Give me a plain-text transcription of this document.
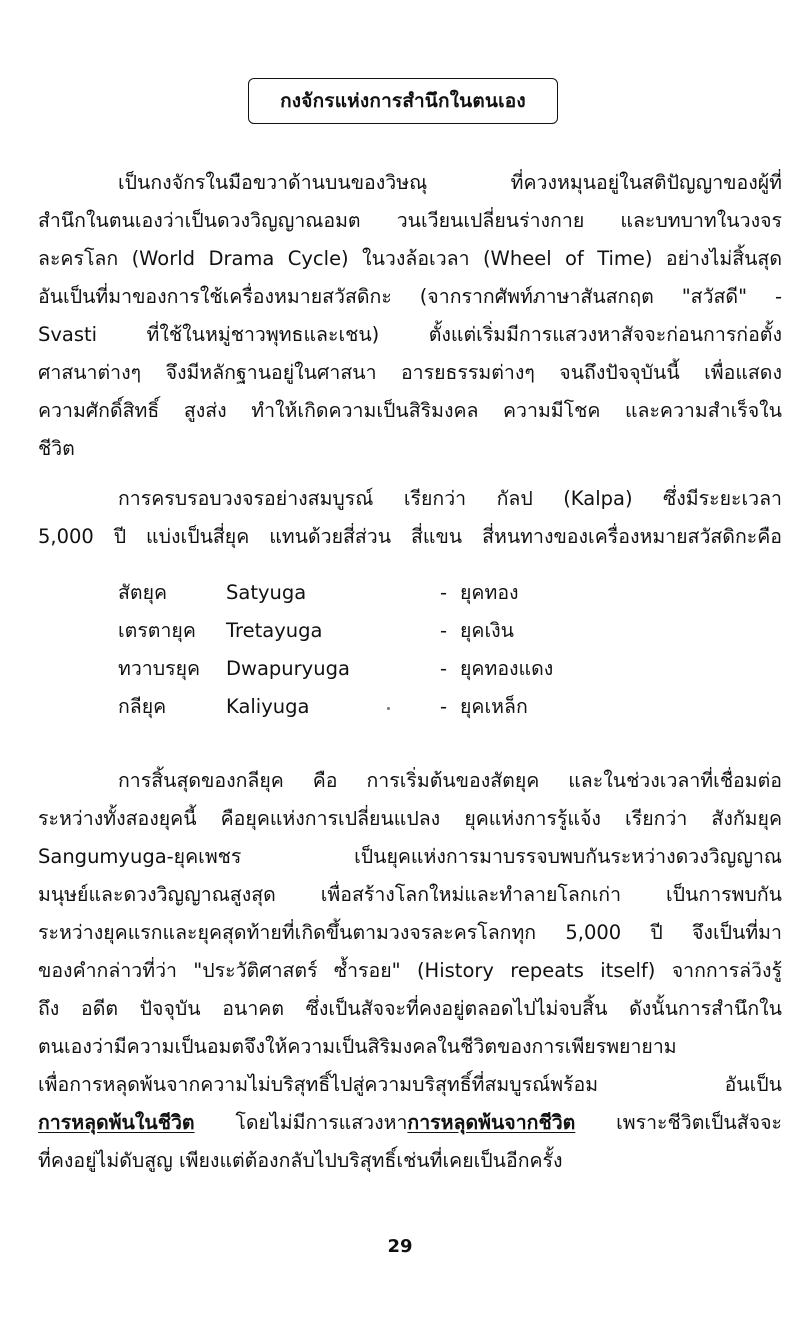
กงจักรแห่งการสำนึกในตนเอง
เป็นกงจักรในมือขวาด้านบนของวิษณุ ที่ควงหมุนอยู่ในสติปัญญาของผู้ที่
สำนึกในตนเองว่าเป็นดวงวิญญาณอมต วนเวียนเปลี่ยนร่างกาย และบทบาทในวงจร
ละครโลก (World Drama Cycle) ในวงล้อเวลา (Wheel of Time) อย่างไม่สิ้นสุด
อันเป็นที่มาของการใช้เครื่องหมายสวัสดิกะ (จากรากศัพท์ภาษาสันสกฤต "สวัสดี" -
Svasti ที่ใช้ในหมู่ชาวพุทธและเชน) ตั้งแต่เริ่มมีการแสวงหาสัจจะก่อนการก่อตั้ง
ศาสนาต่างๆ จึงมีหลักฐานอยู่ในศาสนา อารยธรรมต่างๆ จนถึงปัจจุบันนี้ เพื่อแสดง
ความศักดิ์สิทธิ์ สูงส่ง ทำให้เกิดความเป็นสิริมงคล ความมีโชค และความสำเร็จใน
ชีวิต
การครบรอบวงจรอย่างสมบูรณ์ เรียกว่า กัลป (Kalpa) ซึ่งมีระยะเวลา
5,000 ปี แบ่งเป็นสี่ยุค แทนด้วยสี่ส่วน สี่แขน สี่หนทางของเครื่องหมายสวัสดิกะคือ
สัตยุค	Satyuga	- ยุคทอง
เตรตายุค Tretayuga	- ยุคเงิน
ทวาบรยุค Dwapuryuga	- ยุคทองแดง
กลียุค	Kaliyuga	- ยุคเหล็ก
การสิ้นสุดของกลียุค คือ การเริ่มต้นของสัตยุค และในช่วงเวลาที่เชื่อมต่อ
ระหว่างทั้งสองยุคนี้ คือยุคแห่งการเปลี่ยนแปลง ยุคแห่งการรู้แจ้ง เรียกว่า สังกัมยุค
Sangumyuga-ยุคเพชร เป็นยุคแห่งการมาบรรจบพบกันระหว่างดวงวิญญาณ
มนุษย์และดวงวิญญาณสูงสุด เพื่อสร้างโลกใหม่และทำลายโลกเก่า เป็นการพบกัน
ระหว่างยุคแรกและยุคสุดท้ายที่เกิดขึ้นตามวงจรละครโลกทุก 5,000 ปี จึงเป็นที่มา
ของคำกล่าวที่ว่า "ประวัติศาสตร์ ซ้ำรอย" (History repeats itself) จากการล่วงรู้
ถึง อดีต ปัจจุบัน อนาคต ซึ่งเป็นสัจจะที่คงอยู่ตลอดไปไม่จบสิ้น ดังนั้นการสำนึกใน
ตนเองว่ามีความเป็นอมตจึงให้ความเป็นสิริมงคลในชีวิตของการเพียรพยายาม
เพื่อการหลุดพ้นจากความไม่บริสุทธิ์ไปสู่ความบริสุทธิ์ที่สมบูรณ์พร้อม อันเป็น
การหลุดพ้นในชีวิต โดยไม่มีการแสวงหาการหลุดพ้นจากชีวิต เพราะชีวิตเป็นสัจจะ
ที่คงอยู่ไม่ดับสูญ เพียงแต่ต้องกลับไปบริสุทธิ์เช่นที่เคยเป็นอีกครั้ง
29
